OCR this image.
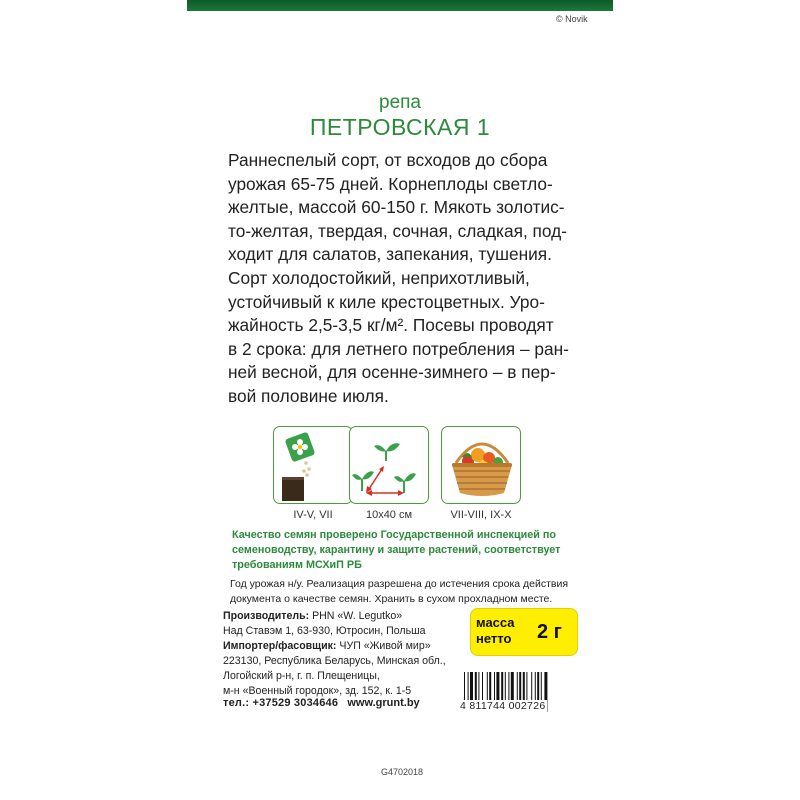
© Novik
репа
ПЕТРОВСКАЯ 1

Раннеспелый сорт, от всходов до сбора
урожая 65-75 дней. Корнеплоды светло-
желтые, массой 60-150 г. Мякоть золотис-
то-желтая, твердая, сочная, сладкая, под-
ходит для салатов, запекания, тушения.
Сорт холодостойкий, неприхотливый,
устойчивый к киле крестоцветных. Уро-
жайность 2,5-3,5 кг/м². Посевы проводят
в 2 срока: для летнего потребления – ран-
ней весной, для осенне-зимнего – в пер-
вой половине июля.

IV-V, VII	10х40 см	VII-VIII, IX-X

Качество семян проверено Государственной инспекцией по
семеноводству, карантину и защите растений, соответствует
требованиям МСХиП РБ

Год урожая н/у. Реализация разрешена до истечения срока действия
документа о качестве семян. Хранить в сухом прохладном месте.

Производитель: PHN «W. Legutko»
Над Ставэм 1, 63-930, Ютросин, Польша
Импортер/фасовщик: ЧУП «Живой мир»
223130, Республика Беларусь, Минская обл.,
Логойский р-н, г. п. Плещеницы,
м-н «Военный городок», зд. 152, к. 1-5
масса
нетто 2 г
тел.: +37529 3034646 www.grunt.by	4 811744 002726
G4702018
